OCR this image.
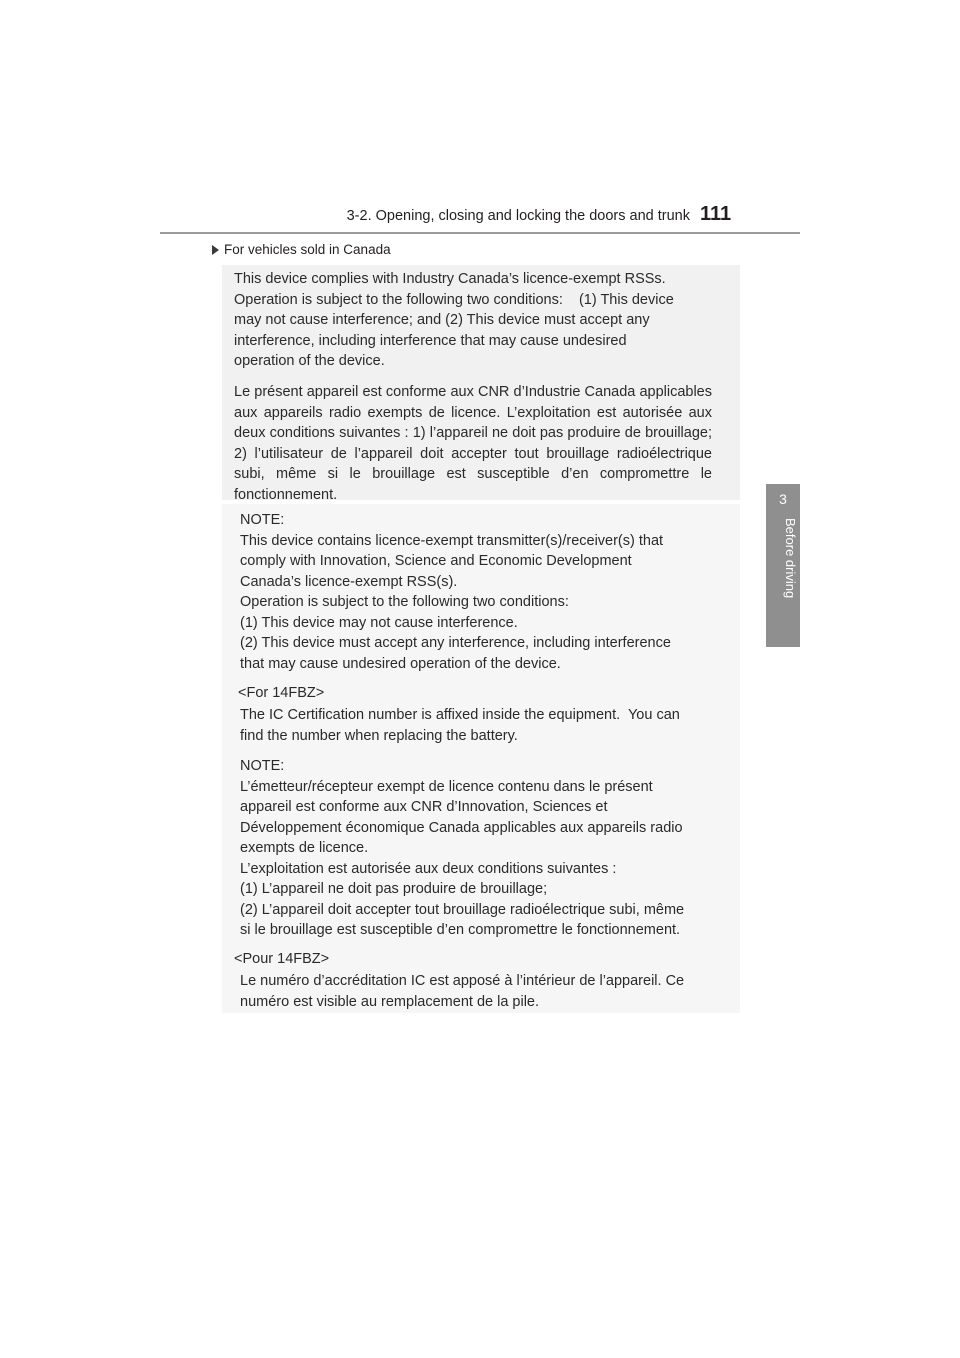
3-2. Opening, closing and locking the doors and trunk 111
3
Before driving
For vehicles sold in Canada
This device complies with Industry Canada’s licence-exempt RSSs.
Operation is subject to the following two conditions:    (1) This device
may not cause interference; and (2) This device must accept any
interference, including interference that may cause undesired
operation of the device.
Le présent appareil est conforme aux CNR d’Industrie Canada applicables aux appareils radio exempts de licence. L’exploitation est autorisée aux deux conditions suivantes : 1) l’appareil ne doit pas produire de brouillage; 2) l’utilisateur de l’appareil doit accepter tout brouillage radioélectrique subi, même si le brouillage est susceptible d’en compromettre le fonctionnement.
NOTE:
This device contains licence-exempt transmitter(s)/receiver(s) that
comply with Innovation, Science and Economic Development
Canada’s licence-exempt RSS(s).
Operation is subject to the following two conditions:
(1) This device may not cause interference.
(2) This device must accept any interference, including interference
that may cause undesired operation of the device.
<For 14FBZ>
The IC Certification number is affixed inside the equipment.  You can
find the number when replacing the battery.
NOTE:
L’émetteur/récepteur exempt de licence contenu dans le présent
appareil est conforme aux CNR d’Innovation, Sciences et
Développement économique Canada applicables aux appareils radio
exempts de licence.
L’exploitation est autorisée aux deux conditions suivantes :
(1) L’appareil ne doit pas produire de brouillage;
(2) L’appareil doit accepter tout brouillage radioélectrique subi, même
si le brouillage est susceptible d’en compromettre le fonctionnement.
<Pour 14FBZ>
Le numéro d’accréditation IC est apposé à l’intérieur de l’appareil. Ce
numéro est visible au remplacement de la pile.
